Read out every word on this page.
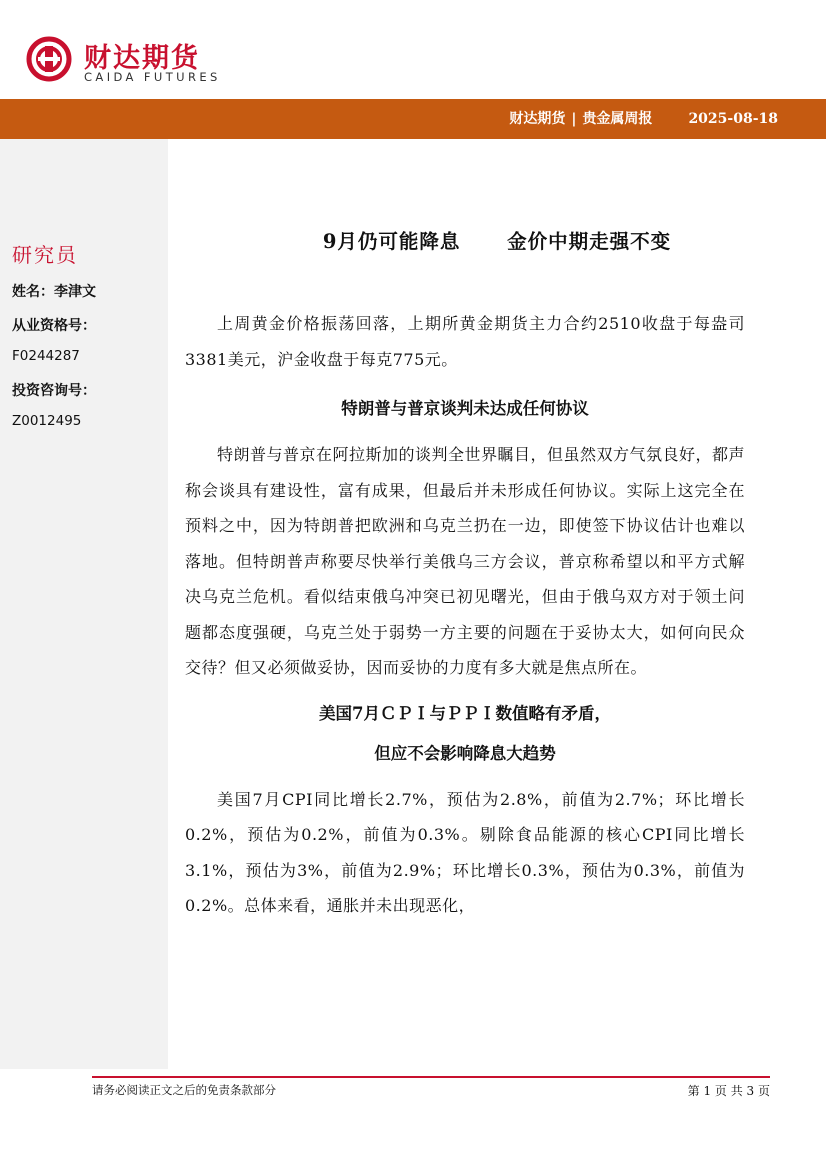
财达期货
CAIDA FUTURES
财达期货 | 贵金属周报	2025-08-18
研究员
姓名：李津文
从业资格号：
F0244287
投资咨询号：
Z0012495
9月仍可能降息      金价中期走强不变

上周黄金价格振荡回落，上期所黄金期货主力合约2510收盘于每盎司3381美元，沪金收盘于每克775元。

特朗普与普京谈判未达成任何协议

特朗普与普京在阿拉斯加的谈判全世界瞩目，但虽然双方气氛良好，都声称会谈具有建设性，富有成果，但最后并未形成任何协议。实际上这完全在预料之中，因为特朗普把欧洲和乌克兰扔在一边，即使签下协议估计也难以落地。但特朗普声称要尽快举行美俄乌三方会议，普京称希望以和平方式解决乌克兰危机。看似结束俄乌冲突已初见曙光，但由于俄乌双方对于领土问题都态度强硬，乌克兰处于弱势一方主要的问题在于妥协太大，如何向民众交待？但又必须做妥协，因而妥协的力度有多大就是焦点所在。

美国7月ＣＰＩ与ＰＰＩ数值略有矛盾，

但应不会影响降息大趋势

美国7月CPI同比增长2.7%，预估为2.8%，前值为2.7%；环比增长0.2%，预估为0.2%，前值为0.3%。剔除食品能源的核心CPI同比增长3.1%，预估为3%，前值为2.9%；环比增长0.3%，预估为0.3%，前值为0.2%。总体来看，通胀并未出现恶化，

请务必阅读正文之后的免责条款部分	第 1 页 共 3 页
